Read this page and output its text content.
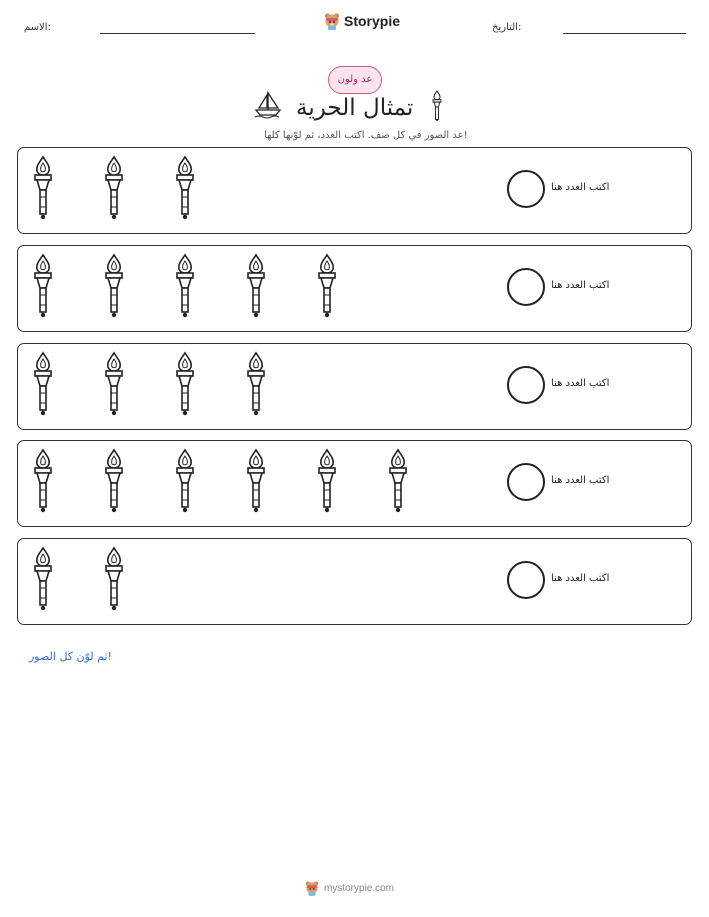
الاسم:	Storypie	التاريخ:
عد ولون
تمثال الحرية
عد الصور في كل صف. اكتب العدد، ثم لوّنها كلها!
اكتب العدد هنا
اكتب العدد هنا
اكتب العدد هنا
اكتب العدد هنا
اكتب العدد هنا
ثم لوّن كل الصور!
mystorypie.com
